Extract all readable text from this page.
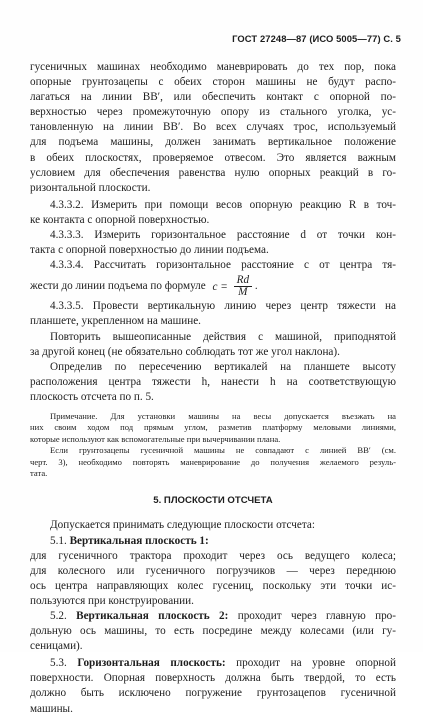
ГОСТ 27248—87 (ИСО 5005—77) С. 5
гусеничных машинах необходимо маневрировать до тех пор, пока
опорные грунтозацепы с обеих сторон машины не будут распо-
лагаться на линии BB′, или обеспечить контакт с опорной по-
верхностью через промежуточную опору из стального уголка, ус-
тановленную на линии BB′. Во всех случаях трос, используемый
для подъема машины, должен занимать вертикальное положение
в обеих плоскостях, проверяемое отвесом. Это является важным
условием для обеспечения равенства нулю опорных реакций в го-
ризонтальной плоскости.
4.3.3.2. Измерить при помощи весов опорную реакцию R в точ-
ке контакта с опорной поверхностью.
4.3.3.3. Измерить горизонтальное расстояние d от точки кон-
такта с опорной поверхностью до линии подъема.
4.3.3.4. Рассчитать горизонтальное расстояние c от центра тя-
жести до линии подъема по формуле $c = \frac{Rd}{M}$ .
4.3.3.5. Провести вертикальную линию через центр тяжести на
планшете, укрепленном на машине.
Повторить вышеописанные действия с машиной, приподнятой
за другой конец (не обязательно соблюдать тот же угол наклона).
Определив по пересечению вертикалей на планшете высоту
расположения центра тяжести h, нанести h на соответствующую
плоскость отсчета по п. 5.
Примечание. Для установки машины на весы допускается въезжать на
них своим ходом под прямым углом, разметив платформу меловыми линиями,
которые используют как вспомогательные при вычерчивании плана.
Если грунтозацепы гусеничной машины не совпадают с линией BB′ (см.
черт. 3), необходимо повторять маневрирование до получения желаемого резуль-
тата.
5. ПЛОСКОСТИ ОТСЧЕТА
Допускается принимать следующие плоскости отсчета:
5.1. Вертикальная плоскость 1:
для гусеничного трактора проходит через ось ведущего колеса;
для колесного или гусеничного погрузчиков — через переднюю
ось центра направляющих колес гусениц, поскольку эти точки ис-
пользуются при конструировании.
5.2. Вертикальная плоскость 2: проходит через главную про-
дольную ось машины, то есть посредине между колесами (или гу-
сеницами).
5.3. Горизонтальная плоскость: проходит на уровне опорной
поверхности. Опорная поверхность должна быть твердой, то есть
должно быть исключено погружение грунтозацепов гусеничной
машины.
